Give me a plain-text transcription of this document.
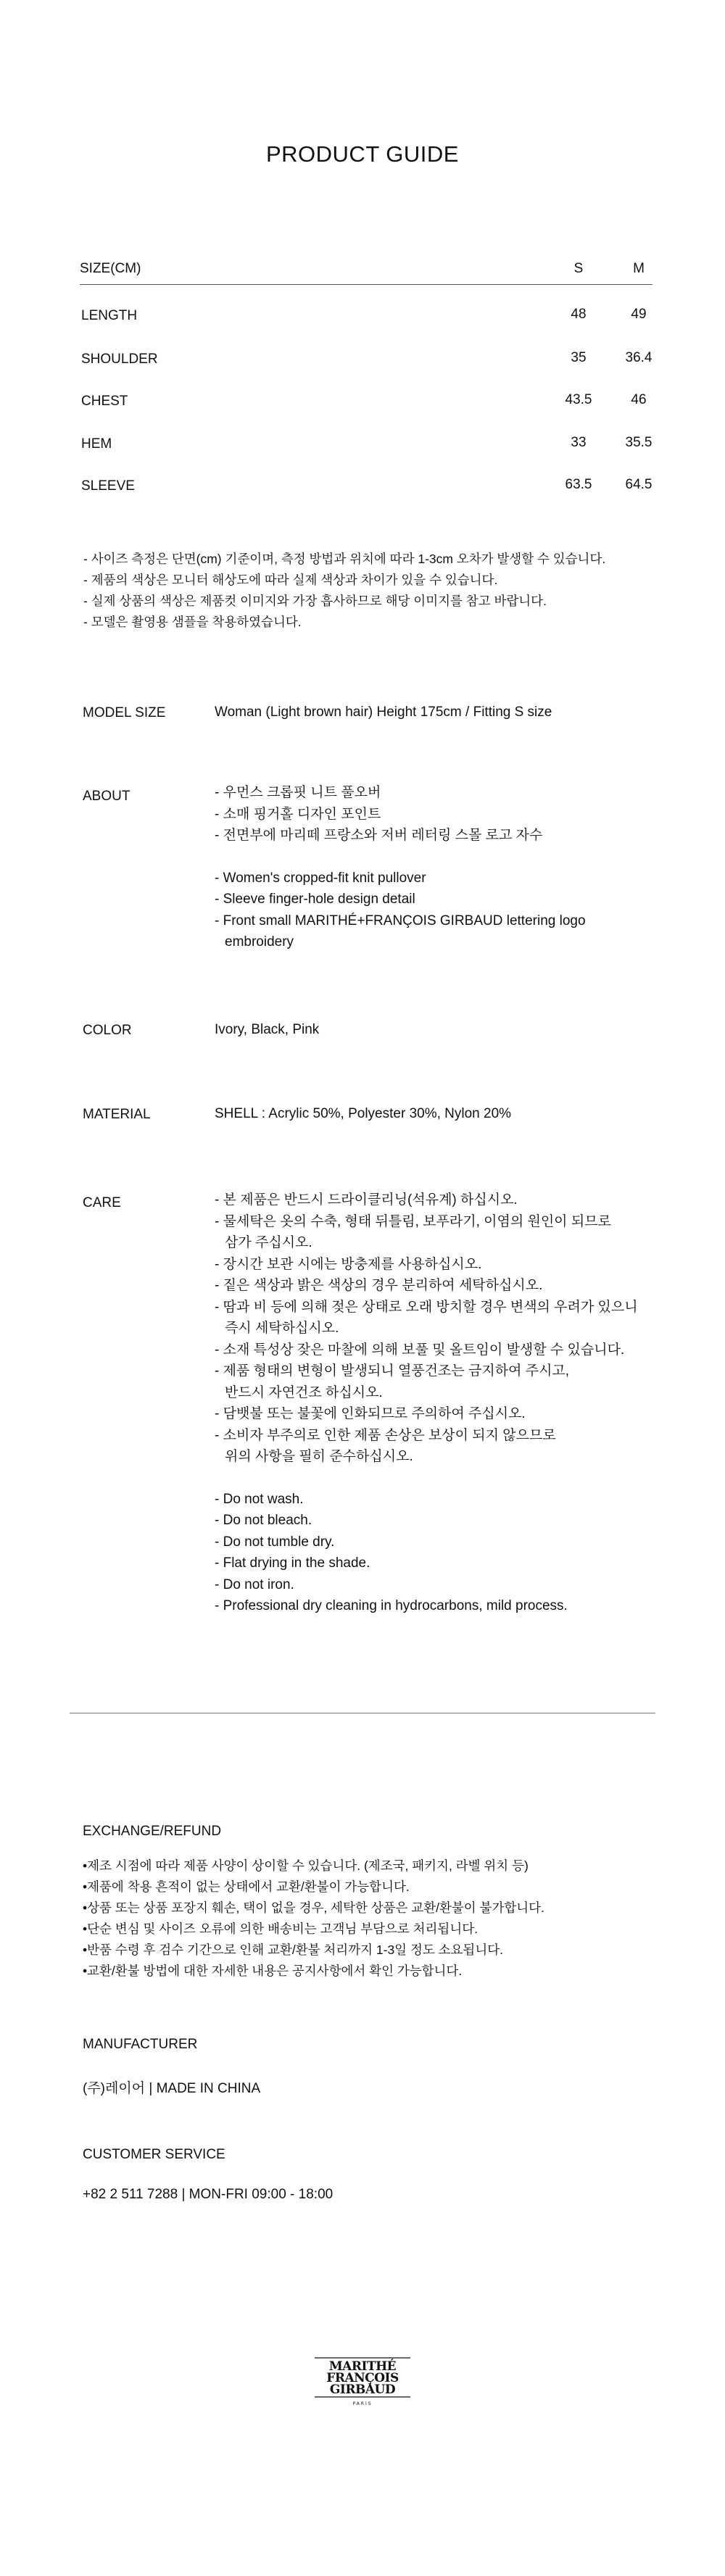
PRODUCT GUIDE
SIZE(CM)	S	M
LENGTH	48	49
SHOULDER	35	36.4
CHEST	43.5	46
HEM	33	35.5
SLEEVE	63.5	64.5
- 사이즈 측정은 단면(cm) 기준이며, 측정 방법과 위치에 따라 1-3cm 오차가 발생할 수 있습니다.
- 제품의 색상은 모니터 해상도에 따라 실제 색상과 차이가 있을 수 있습니다.
- 실제 상품의 색상은 제품컷 이미지와 가장 흡사하므로 해당 이미지를 참고 바랍니다.
- 모델은 촬영용 샘플을 착용하였습니다.
MODEL SIZE	Woman (Light brown hair) Height 175cm / Fitting S size
ABOUT	- 우먼스 크롭핏 니트 풀오버
- 소매 핑거홀 디자인 포인트
- 전면부에 마리떼 프랑소와 저버 레터링 스몰 로고 자수
- Women's cropped-fit knit pullover
- Sleeve finger-hole design detail
- Front small MARITHÉ+FRANÇOIS GIRBAUD lettering logo
embroidery
COLOR	Ivory, Black, Pink
MATERIAL	SHELL : Acrylic 50%, Polyester 30%, Nylon 20%
CARE	- 본 제품은 반드시 드라이클리닝(석유계) 하십시오.
- 물세탁은 옷의 수축, 형태 뒤틀림, 보푸라기, 이염의 원인이 되므로
삼가 주십시오.
- 장시간 보관 시에는 방충제를 사용하십시오.
- 짙은 색상과 밝은 색상의 경우 분리하여 세탁하십시오.
- 땀과 비 등에 의해 젖은 상태로 오래 방치할 경우 변색의 우려가 있으니
즉시 세탁하십시오.
- 소재 특성상 잦은 마찰에 의해 보풀 및 올트임이 발생할 수 있습니다.
- 제품 형태의 변형이 발생되니 열풍건조는 금지하여 주시고,
반드시 자연건조 하십시오.
- 담뱃불 또는 불꽃에 인화되므로 주의하여 주십시오.
- 소비자 부주의로 인한 제품 손상은 보상이 되지 않으므로
위의 사항을 필히 준수하십시오.
- Do not wash.
- Do not bleach.
- Do not tumble dry.
- Flat drying in the shade.
- Do not iron.
- Professional dry cleaning in hydrocarbons, mild process.
EXCHANGE/REFUND
•제조 시점에 따라 제품 사양이 상이할 수 있습니다. (제조국, 패키지, 라벨 위치 등)
•제품에 착용 흔적이 없는 상태에서 교환/환불이 가능합니다.
•상품 또는 상품 포장지 훼손, 택이 없을 경우, 세탁한 상품은 교환/환불이 불가합니다.
•단순 변심 및 사이즈 오류에 의한 배송비는 고객님 부담으로 처리됩니다.
•반품 수령 후 검수 기간으로 인해 교환/환불 처리까지 1-3일 정도 소요됩니다.
•교환/환불 방법에 대한 자세한 내용은 공지사항에서 확인 가능합니다.
MANUFACTURER
(주)레이어 | MADE IN CHINA
CUSTOMER SERVICE
+82 2 511 7288 | MON-FRI 09:00 - 18:00
MARITHÉ
FRANÇOIS
GIRBAUD
PARIS
